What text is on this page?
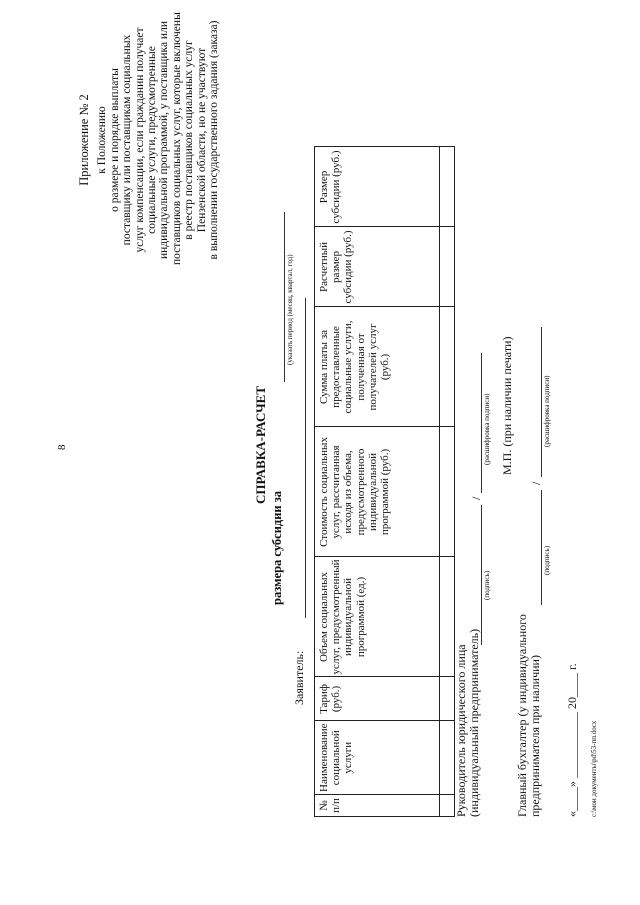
8
Приложение № 2 к Положению о размере и порядке выплаты поставщику или поставщикам социальных услуг компенсации, если гражданин получает социальные услуги, предусмотренные индивидуальной программой, у поставщика или поставщиков социальных услуг, которые включены в реестр поставщиков социальных услуг Пензенской области, но не участвуют в выполнении государственного задания (заказа)
СПРАВКА-РАСЧЕТ
размера субсидии за
(указать период (месяц, квартал, год)
Заявитель:
№ п/п	Наименование социальной услуги	Тариф (руб.)	Объем социальных услуг, предусмотренный индивидуальной программой (ед.)	Стоимость социальных услуг, рассчитанная исходя из объема, предусмотренного индивидуальной программой (руб.)	Сумма платы за предоставленные социальные услуги, полученная от получателей услуг (руб.)	Расчетный размер субсидии (руб.)	Размер субсидии (руб.)

Руководитель юридического лица (индивидуальный предприниматель)
/
(подпись)
(расшифровка подписи) М.П. (при наличии печати)
Главный бухгалтер (у индивидуального предпринимателя при наличии)
/
(подпись)
(расшифровка подписи)
«____» ___________ 20____ г. c:\мои документы\pd\53-пп.docx
